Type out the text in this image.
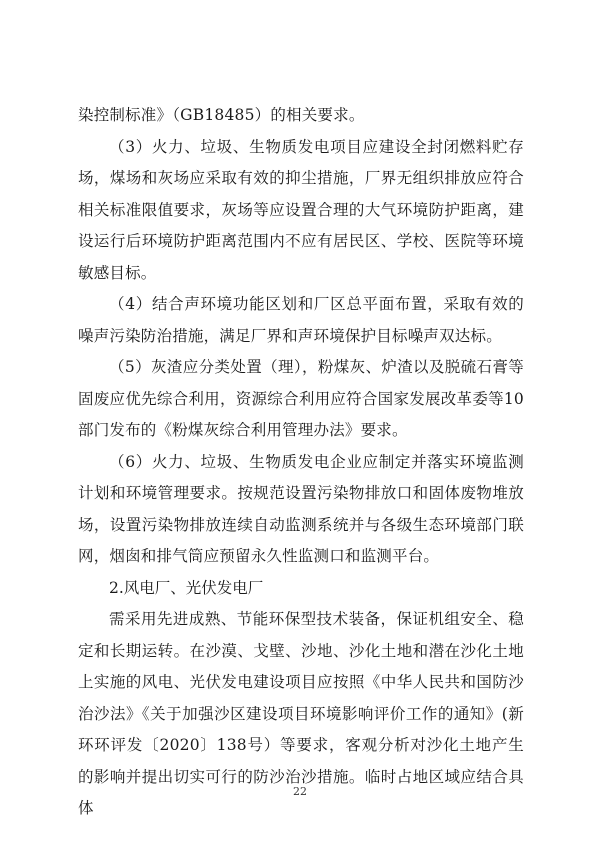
染控制标准》（GB18485）的相关要求。

（3）火力、垃圾、生物质发电项目应建设全封闭燃料贮存场，煤场和灰场应采取有效的抑尘措施，厂界无组织排放应符合相关标准限值要求，灰场等应设置合理的大气环境防护距离，建设运行后环境防护距离范围内不应有居民区、学校、医院等环境敏感目标。

（4）结合声环境功能区划和厂区总平面布置，采取有效的噪声污染防治措施，满足厂界和声环境保护目标噪声双达标。

（5）灰渣应分类处置（理），粉煤灰、炉渣以及脱硫石膏等固废应优先综合利用，资源综合利用应符合国家发展改革委等10部门发布的《粉煤灰综合利用管理办法》要求。

（6）火力、垃圾、生物质发电企业应制定并落实环境监测计划和环境管理要求。按规范设置污染物排放口和固体废物堆放场，设置污染物排放连续自动监测系统并与各级生态环境部门联网，烟囱和排气筒应预留永久性监测口和监测平台。

2.风电厂、光伏发电厂

需采用先进成熟、节能环保型技术装备，保证机组安全、稳定和长期运转。在沙漠、戈壁、沙地、沙化土地和潜在沙化土地上实施的风电、光伏发电建设项目应按照《中华人民共和国防沙治沙法》《关于加强沙区建设项目环境影响评价工作的通知》(新环环评发〔2020〕138号）等要求，客观分析对沙化土地产生的影响并提出切实可行的防沙治沙措施。临时占地区域应结合具体

22
